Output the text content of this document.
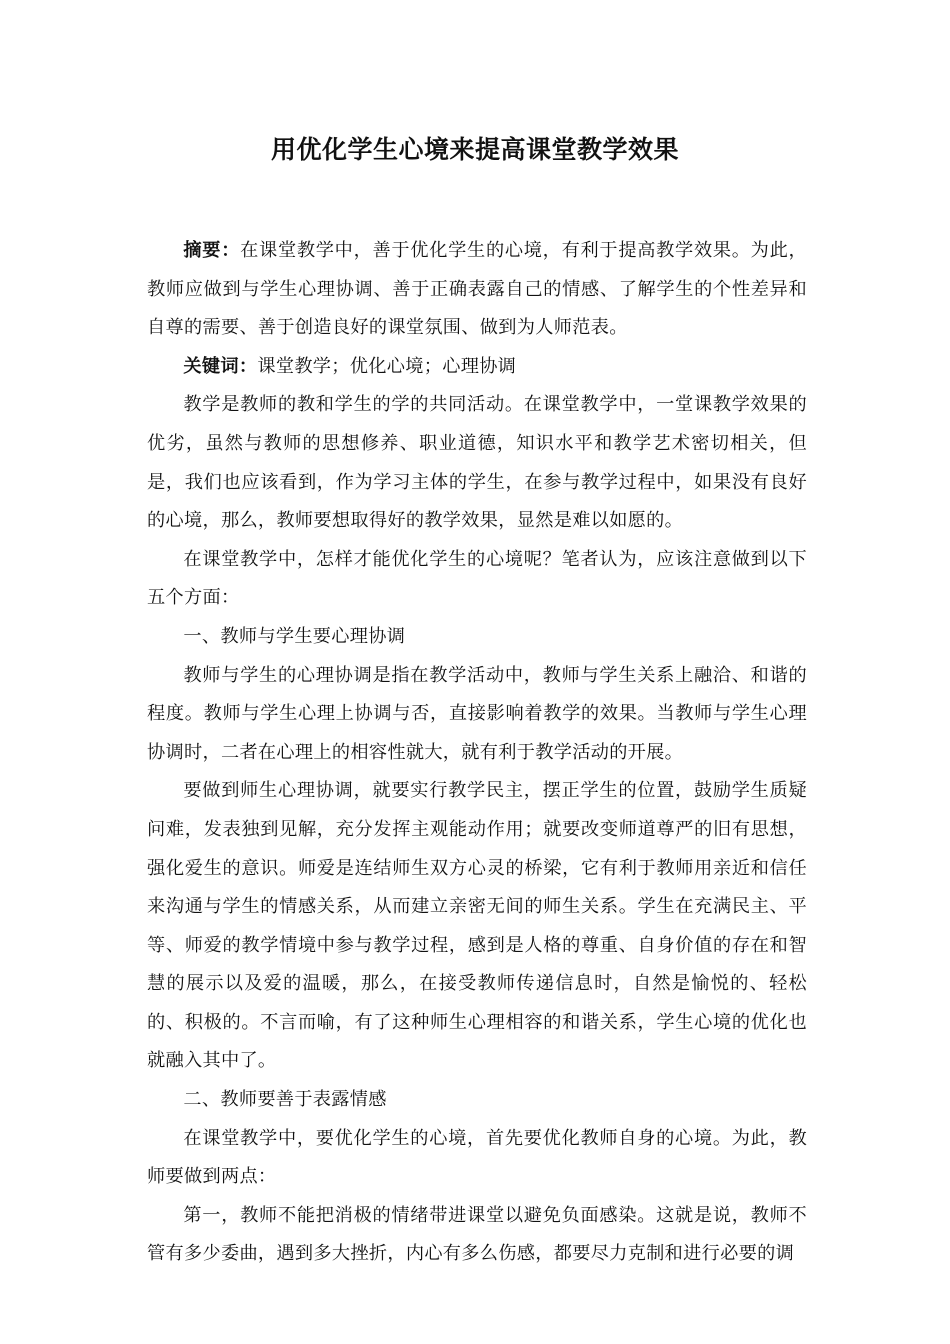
用优化学生心境来提高课堂教学效果

摘要：在课堂教学中，善于优化学生的心境，有利于提高教学效果。为此，教师应做到与学生心理协调、善于正确表露自己的情感、了解学生的个性差异和自尊的需要、善于创造良好的课堂氛围、做到为人师范表。

关键词：课堂教学；优化心境；心理协调

教学是教师的教和学生的学的共同活动。在课堂教学中，一堂课教学效果的优劣，虽然与教师的思想修养、职业道德，知识水平和教学艺术密切相关，但是，我们也应该看到，作为学习主体的学生，在参与教学过程中，如果没有良好的心境，那么，教师要想取得好的教学效果，显然是难以如愿的。

在课堂教学中，怎样才能优化学生的心境呢？笔者认为，应该注意做到以下五个方面：

一、教师与学生要心理协调

教师与学生的心理协调是指在教学活动中，教师与学生关系上融洽、和谐的程度。教师与学生心理上协调与否，直接影响着教学的效果。当教师与学生心理协调时，二者在心理上的相容性就大，就有利于教学活动的开展。

要做到师生心理协调，就要实行教学民主，摆正学生的位置，鼓励学生质疑问难，发表独到见解，充分发挥主观能动作用；就要改变师道尊严的旧有思想，强化爱生的意识。师爱是连结师生双方心灵的桥梁，它有利于教师用亲近和信任来沟通与学生的情感关系，从而建立亲密无间的师生关系。学生在充满民主、平等、师爱的教学情境中参与教学过程，感到是人格的尊重、自身价值的存在和智慧的展示以及爱的温暖，那么，在接受教师传递信息时，自然是愉悦的、轻松的、积极的。不言而喻，有了这种师生心理相容的和谐关系，学生心境的优化也就融入其中了。

二、教师要善于表露情感

在课堂教学中，要优化学生的心境，首先要优化教师自身的心境。为此，教师要做到两点：

第一，教师不能把消极的情绪带进课堂以避免负面感染。这就是说，教师不管有多少委曲，遇到多大挫折，内心有多么伤感，都要尽力克制和进行必要的调
